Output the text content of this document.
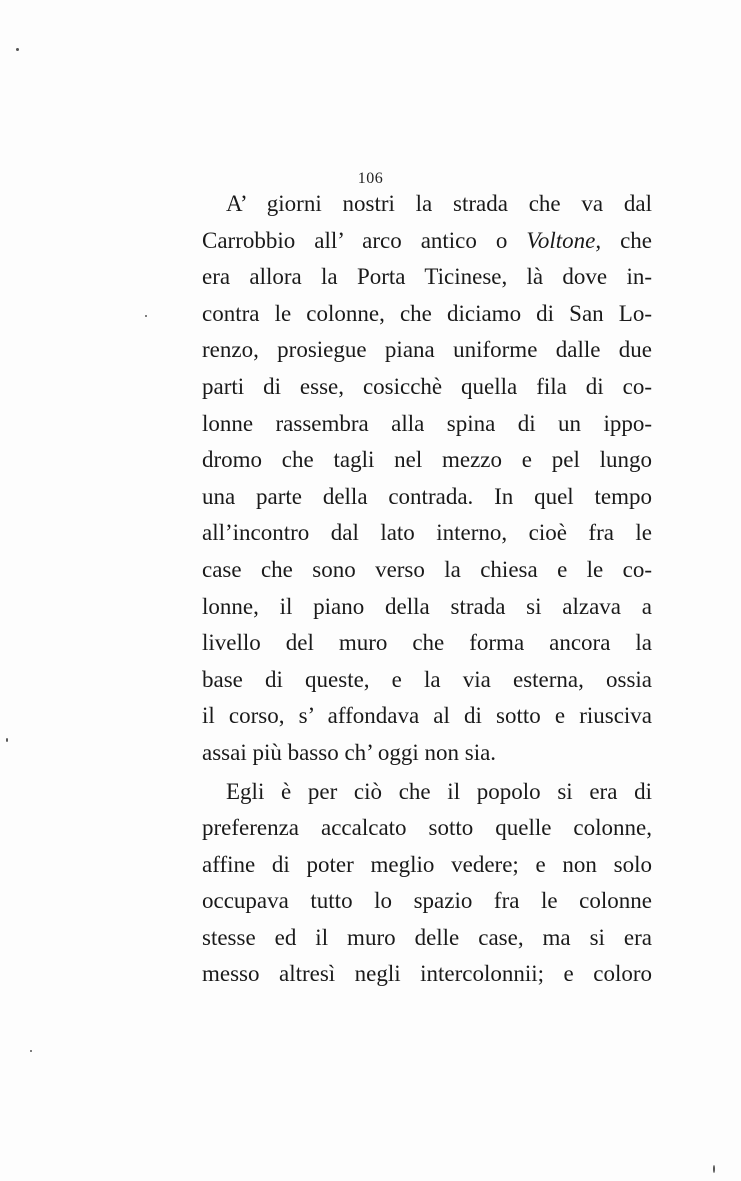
106
A’ giorni nostri la strada che va dal
Carrobbio all’ arco antico o Voltone, che
era allora la Porta Ticinese, là dove in-
contra le colonne, che diciamo di San Lo-
renzo, prosiegue piana uniforme dalle due
parti di esse, cosicchè quella fila di co-
lonne rassembra alla spina di un ippo-
dromo che tagli nel mezzo e pel lungo
una parte della contrada. In quel tempo
all’incontro dal lato interno, cioè fra le
case che sono verso la chiesa e le co-
lonne, il piano della strada si alzava a
livello del muro che forma ancora la
base di queste, e la via esterna, ossia
il corso, s’ affondava al di sotto e riusciva
assai più basso ch’ oggi non sia.
Egli è per ciò che il popolo si era di
preferenza accalcato sotto quelle colonne,
affine di poter meglio vedere; e non solo
occupava tutto lo spazio fra le colonne
stesse ed il muro delle case, ma si era
messo altresì negli intercolonnii; e coloro
